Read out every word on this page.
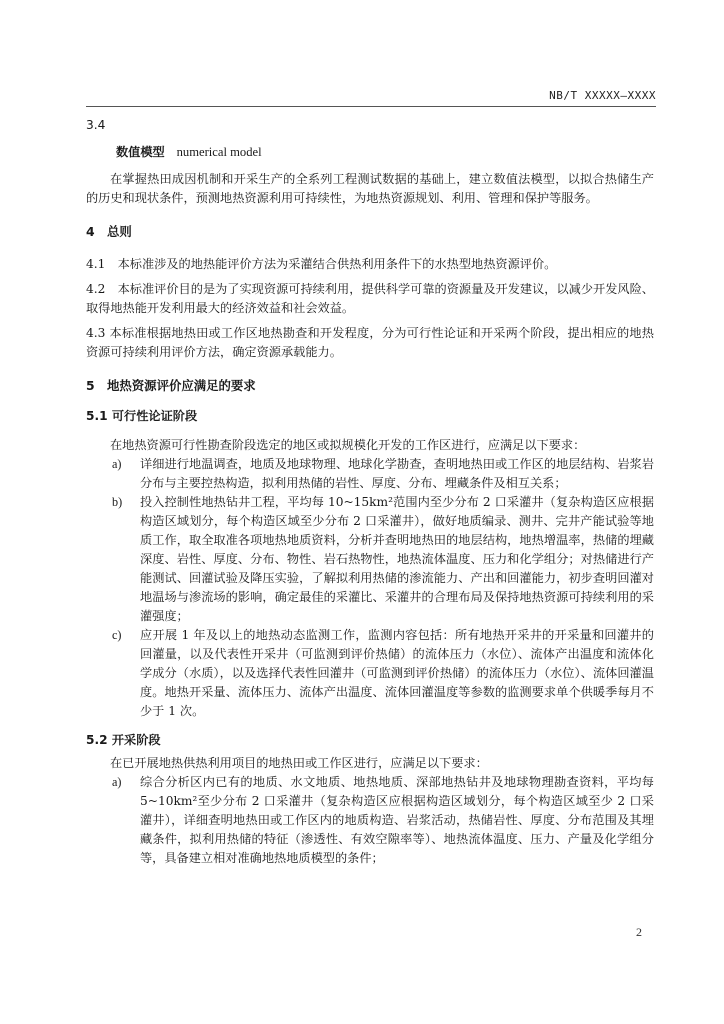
NB/T XXXXX—XXXX

3.4

数值模型 numerical model

在掌握热田成因机制和开采生产的全系列工程测试数据的基础上，建立数值法模型，以拟合热储生产的历史和现状条件，预测地热资源利用可持续性，为地热资源规划、利用、管理和保护等服务。

4　总则

4.1　本标准涉及的地热能评价方法为采灌结合供热利用条件下的水热型地热资源评价。

4.2　本标准评价目的是为了实现资源可持续利用，提供科学可靠的资源量及开发建议，以减少开发风险、取得地热能开发利用最大的经济效益和社会效益。

4.3 本标准根据地热田或工作区地热勘查和开发程度，分为可行性论证和开采两个阶段，提出相应的地热资源可持续利用评价方法，确定资源承载能力。

5　地热资源评价应满足的要求

5.1 可行性论证阶段

在地热资源可行性勘查阶段选定的地区或拟规模化开发的工作区进行，应满足以下要求：

a)	详细进行地温调查，地质及地球物理、地球化学勘查，查明地热田或工作区的地层结构、岩浆岩分布与主要控热构造，拟利用热储的岩性、厚度、分布、埋藏条件及相互关系；
b)	投入控制性地热钻井工程，平均每 10~15km²范围内至少分布 2 口采灌井（复杂构造区应根据构造区域划分，每个构造区域至少分布 2 口采灌井），做好地质编录、测井、完井产能试验等地质工作，取全取准各项地热地质资料，分析并查明地热田的地层结构，地热增温率，热储的埋藏深度、岩性、厚度、分布、物性、岩石热物性，地热流体温度、压力和化学组分；对热储进行产能测试、回灌试验及降压实验，了解拟利用热储的渗流能力、产出和回灌能力，初步查明回灌对地温场与渗流场的影响，确定最佳的采灌比、采灌井的合理布局及保持地热资源可持续利用的采灌强度；
c)	应开展 1 年及以上的地热动态监测工作，监测内容包括：所有地热开采井的开采量和回灌井的回灌量，以及代表性开采井（可监测到评价热储）的流体压力（水位）、流体产出温度和流体化学成分（水质），以及选择代表性回灌井（可监测到评价热储）的流体压力（水位）、流体回灌温度。地热开采量、流体压力、流体产出温度、流体回灌温度等参数的监测要求单个供暖季每月不少于 1 次。

5.2 开采阶段

在已开展地热供热利用项目的地热田或工作区进行，应满足以下要求：

a)	综合分析区内已有的地质、水文地质、地热地质、深部地热钻井及地球物理勘查资料，平均每 5~10km²至少分布 2 口采灌井（复杂构造区应根据构造区域划分，每个构造区域至少 2 口采灌井），详细查明地热田或工作区内的地质构造、岩浆活动，热储岩性、厚度、分布范围及其埋藏条件，拟利用热储的特征（渗透性、有效空隙率等）、地热流体温度、压力、产量及化学组分等，具备建立相对准确地热地质模型的条件；
2
